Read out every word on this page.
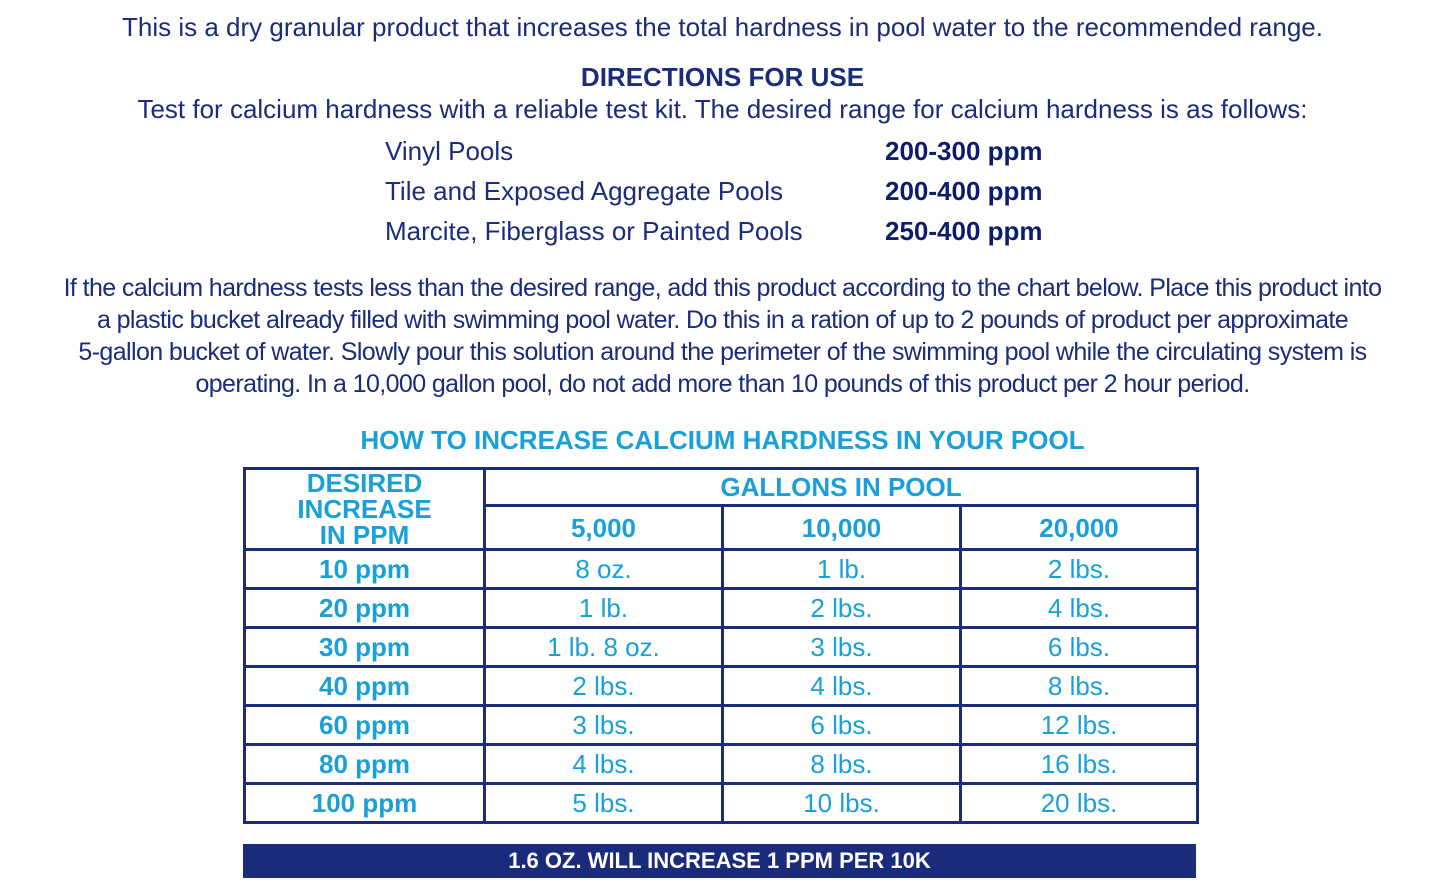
This is a dry granular product that increases the total hardness in pool water to the recommended range.
DIRECTIONS FOR USE
Test for calcium hardness with a reliable test kit. The desired range for calcium hardness is as follows:
Vinyl Pools	200-300 ppm
Tile and Exposed Aggregate Pools	200-400 ppm
Marcite, Fiberglass or Painted Pools	250-400 ppm
If the calcium hardness tests less than the desired range, add this product according to the chart below. Place this product into
a plastic bucket already filled with swimming pool water. Do this in a ration of up to 2 pounds of product per approximate
5-gallon bucket of water. Slowly pour this solution around the perimeter of the swimming pool while the circulating system is
operating. In a 10,000 gallon pool, do not add more than 10 pounds of this product per 2 hour period.
HOW TO INCREASE CALCIUM HARDNESS IN YOUR POOL
DESIRED
INCREASE
IN PPM	GALLONS IN POOL		
	5,000	10,000	20,000
10 ppm	8 oz.	1 lb.	2 lbs.
20 ppm	1 lb.	2 lbs.	4 lbs.
30 ppm	1 lb. 8 oz.	3 lbs.	6 lbs.
40 ppm	2 lbs.	4 lbs.	8 lbs.
60 ppm	3 lbs.	6 lbs.	12 lbs.
80 ppm	4 lbs.	8 lbs.	16 lbs.
100 ppm	5 lbs.	10 lbs.	20 lbs.
1.6 OZ. WILL INCREASE 1 PPM PER 10K
